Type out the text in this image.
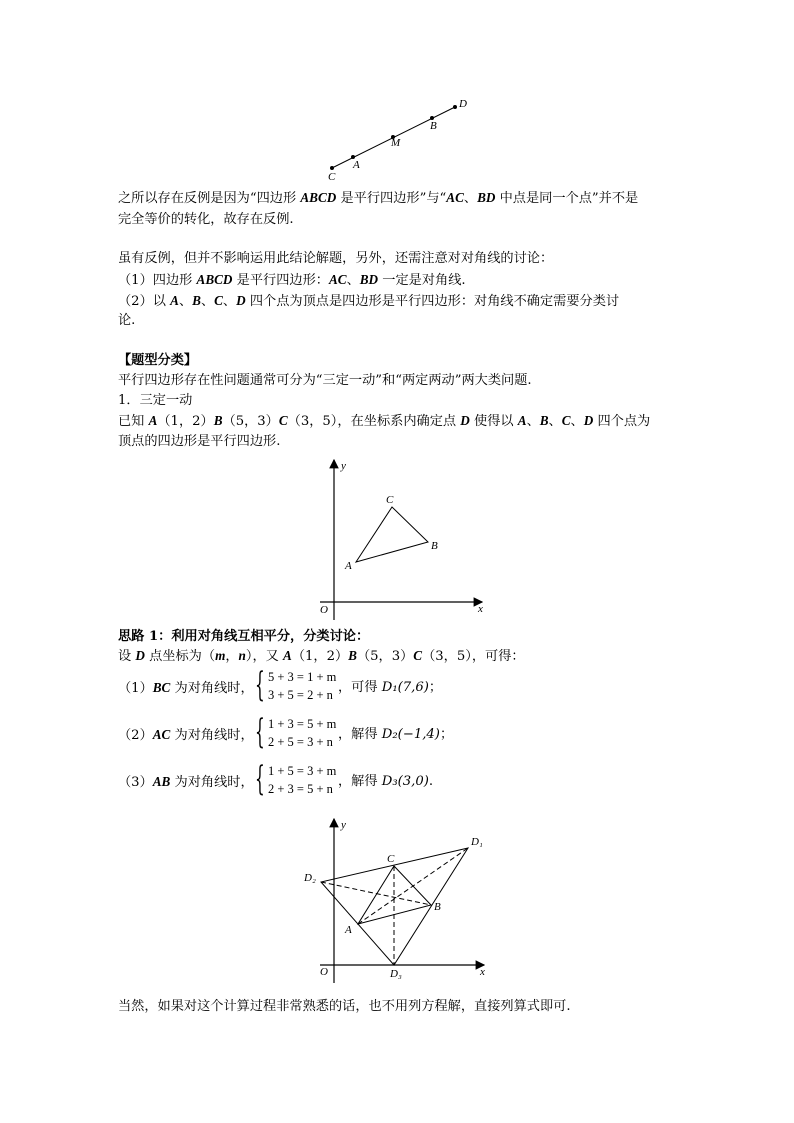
D
B
M
A
C
之所以存在反例是因为“四边形 ABCD 是平行四边形”与“AC、BD 中点是同一个点”并不是
完全等价的转化，故存在反例.
虽有反例，但并不影响运用此结论解题，另外，还需注意对对角线的讨论：
（1）四边形 ABCD 是平行四边形：AC、BD 一定是对角线.
（2）以 A、B、C、D 四个点为顶点是四边形是平行四边形：对角线不确定需要分类讨
论.
【题型分类】
平行四边形存在性问题通常可分为“三定一动”和“两定两动”两大类问题.
1．三定一动
已知 A（1，2）B（5，3）C（3，5），在坐标系内确定点 D 使得以 A、B、C、D 四个点为
顶点的四边形是平行四边形.
y
x
O
A
B
C
思路 1：利用对角线互相平分，分类讨论：
设 D 点坐标为（m，n），又 A（1，2）B（5，3）C（3，5），可得：
（1）BC 为对角线时， { 5 + 3 = 1 + m
3 + 5 = 2 + n ，可得 D₁(7,6)；
（2）AC 为对角线时， { 1 + 3 = 5 + m
2 + 5 = 3 + n ，解得 D₂(−1,4)；
（3）AB 为对角线时， { 1 + 5 = 3 + m
2 + 3 = 5 + n ，解得 D₃(3,0).
y
x
O
A
B
C
D₁
D₂
D₃
当然，如果对这个计算过程非常熟悉的话，也不用列方程解，直接列算式即可.
